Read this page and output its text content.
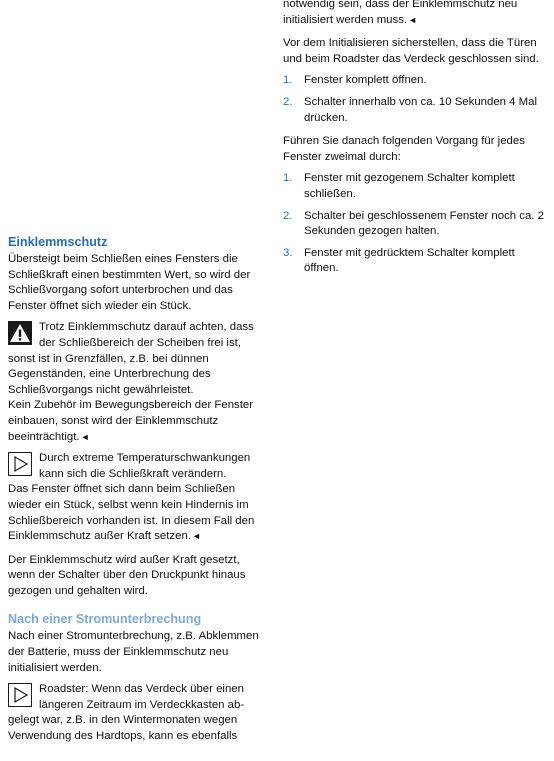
Einklemmschutz

Übersteigt beim Schließen eines Fensters die Schließkraft einen bestimmten Wert, so wird der Schließvorgang sofort unterbrochen und das Fenster öffnet sich wieder ein Stück.

Trotz Einklemmschutz darauf achten, dass der Schließbereich der Scheiben frei ist, sonst ist in Grenzfällen, z.B. bei dünnen Gegenständen, eine Unterbrechung des Schließvorgangs nicht gewährleistet.

Kein Zubehör im Bewegungsbereich der Fenster einbauen, sonst wird der Einklemmschutz beeinträchtigt.◄

Durch extreme Temperaturschwankungen kann sich die Schließkraft verändern.

Das Fenster öffnet sich dann beim Schließen wieder ein Stück, selbst wenn kein Hindernis im Schließbereich vorhanden ist. In diesem Fall den Einklemmschutz außer Kraft setzen.◄

Der Einklemmschutz wird außer Kraft gesetzt, wenn der Schalter über den Druckpunkt hinaus gezogen und gehalten wird.

Nach einer Stromunterbrechung

Nach einer Stromunterbrechung, z.B. Abklemmen der Batterie, muss der Einklemmschutz neu initialisiert werden.

Roadster: Wenn das Verdeck über einen längeren Zeitraum im Verdeckkasten ab- gelegt war, z.B. in den Wintermonaten wegen Verwendung des Hardtops, kann es ebenfalls

notwendig sein, dass der Einklemmschutz neu initialisiert werden muss.◄

Vor dem Initialisieren sicherstellen, dass die Türen und beim Roadster das Verdeck geschlossen sind.

1. Fenster komplett öffnen.
2. Schalter innerhalb von ca. 10 Sekunden 4 Mal drücken.

Führen Sie danach folgenden Vorgang für jedes Fenster zweimal durch:

1. Fenster mit gezogenem Schalter komplett schließen.
2. Schalter bei geschlossenem Fenster noch ca. 2 Sekunden gezogen halten.
3. Fenster mit gedrücktem Schalter komplett öffnen.
